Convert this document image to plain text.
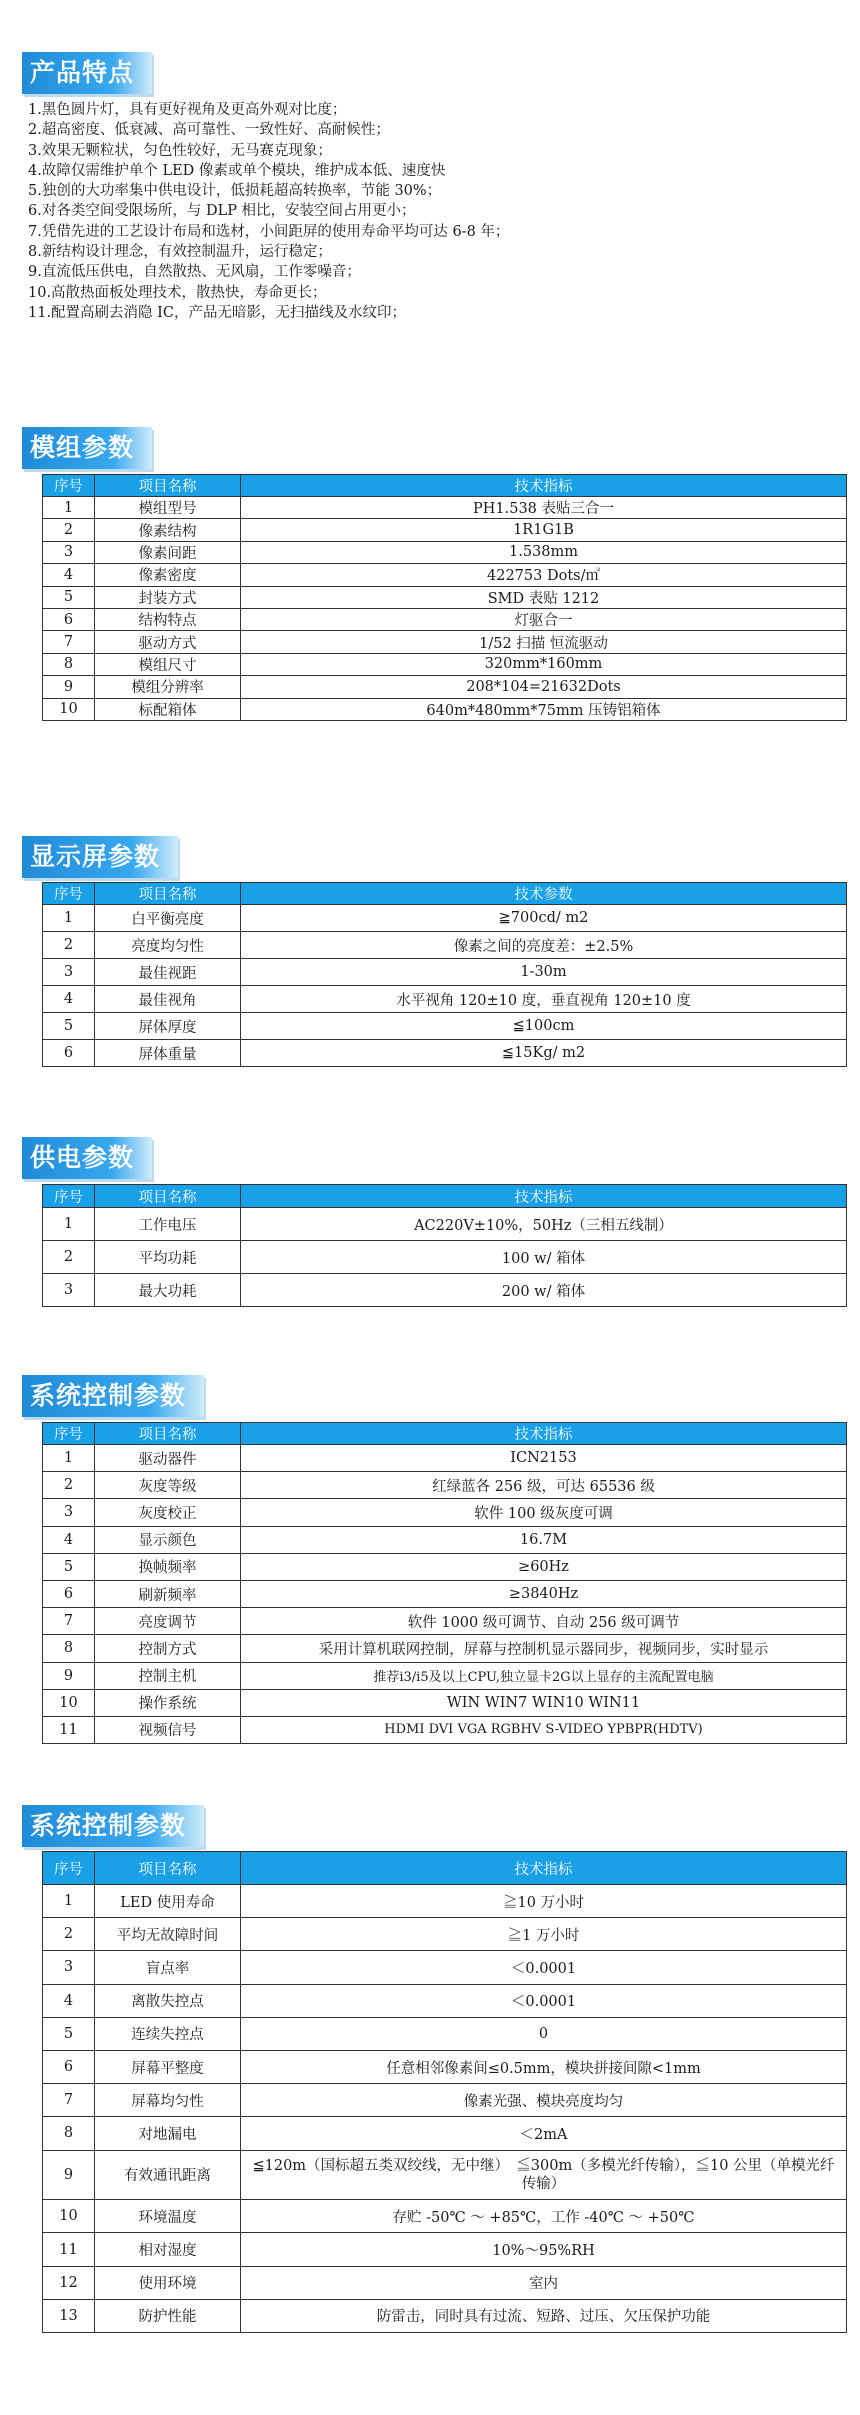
产品特点
1.黑色圆片灯，具有更好视角及更高外观对比度；
2.超高密度、低衰减、高可靠性、一致性好、高耐候性；
3.效果无颗粒状，匀色性较好，无马赛克现象；
4.故障仅需维护单个 LED 像素或单个模块，维护成本低、速度快
5.独创的大功率集中供电设计，低损耗超高转换率，节能 30%；
6.对各类空间受限场所，与 DLP 相比，安装空间占用更小；
7.凭借先进的工艺设计布局和选材，小间距屏的使用寿命平均可达 6-8 年；
8.新结构设计理念，有效控制温升，运行稳定；
9.直流低压供电，自然散热、无风扇，工作零噪音；
10.高散热面板处理技术，散热快，寿命更长；
11.配置高刷去消隐 IC，产品无暗影，无扫描线及水纹印；
模组参数
序号	项目名称	技术指标
1	模组型号	PH1.538 表贴三合一
2	像素结构	1R1G1B
3	像素间距	1.538mm
4	像素密度	422753 Dots/㎡
5	封装方式	SMD 表贴 1212
6	结构特点	灯驱合一
7	驱动方式	1/52 扫描 恒流驱动
8	模组尺寸	320mm*160mm
9	模组分辨率	208*104=21632Dots
10	标配箱体	640m*480mm*75mm 压铸铝箱体
显示屏参数
序号	项目名称	技术参数
1	白平衡亮度	≧700cd/ m2
2	亮度均匀性	像素之间的亮度差：±2.5%
3	最佳视距	1-30m
4	最佳视角	水平视角 120±10 度，垂直视角 120±10 度
5	屏体厚度	≦100cm
6	屏体重量	≦15Kg/ m2
供电参数
序号	项目名称	技术指标
1	工作电压	AC220V±10%，50Hz（三相五线制）
2	平均功耗	100 w/ 箱体
3	最大功耗	200 w/ 箱体
系统控制参数
序号	项目名称	技术指标
1	驱动器件	ICN2153
2	灰度等级	红绿蓝各 256 级，可达 65536 级
3	灰度校正	软件 100 级灰度可调
4	显示颜色	16.7M
5	换帧频率	≥60Hz
6	刷新频率	≥3840Hz
7	亮度调节	软件 1000 级可调节、自动 256 级可调节
8	控制方式	采用计算机联网控制，屏幕与控制机显示器同步，视频同步，实时显示
9	控制主机	推荐i3/i5及以上CPU,独立显卡2G以上显存的主流配置电脑
10	操作系统	WIN WIN7 WIN10 WIN11
11	视频信号	HDMI DVI VGA RGBHV S-VIDEO YPBPR(HDTV)
系统控制参数
序号	项目名称	技术指标
1	LED 使用寿命	≧10 万小时
2	平均无故障时间	≧1 万小时
3	盲点率	＜0.0001
4	离散失控点	＜0.0001
5	连续失控点	0
6	屏幕平整度	任意相邻像素间≤0.5mm，模块拼接间隙<1mm
7	屏幕均匀性	像素光强、模块亮度均匀
8	对地漏电	＜2mA
9	有效通讯距离	≦120m（国标超五类双绞线，无中继）　≦300m（多模光纤传输），≦10 公里（单模光纤传输）
10	环境温度	存贮 -50℃ ～ +85℃，工作 -40℃ ～ +50℃
11	相对湿度	10%～95%RH
12	使用环境	室内
13	防护性能	防雷击，同时具有过流、短路、过压、欠压保护功能
